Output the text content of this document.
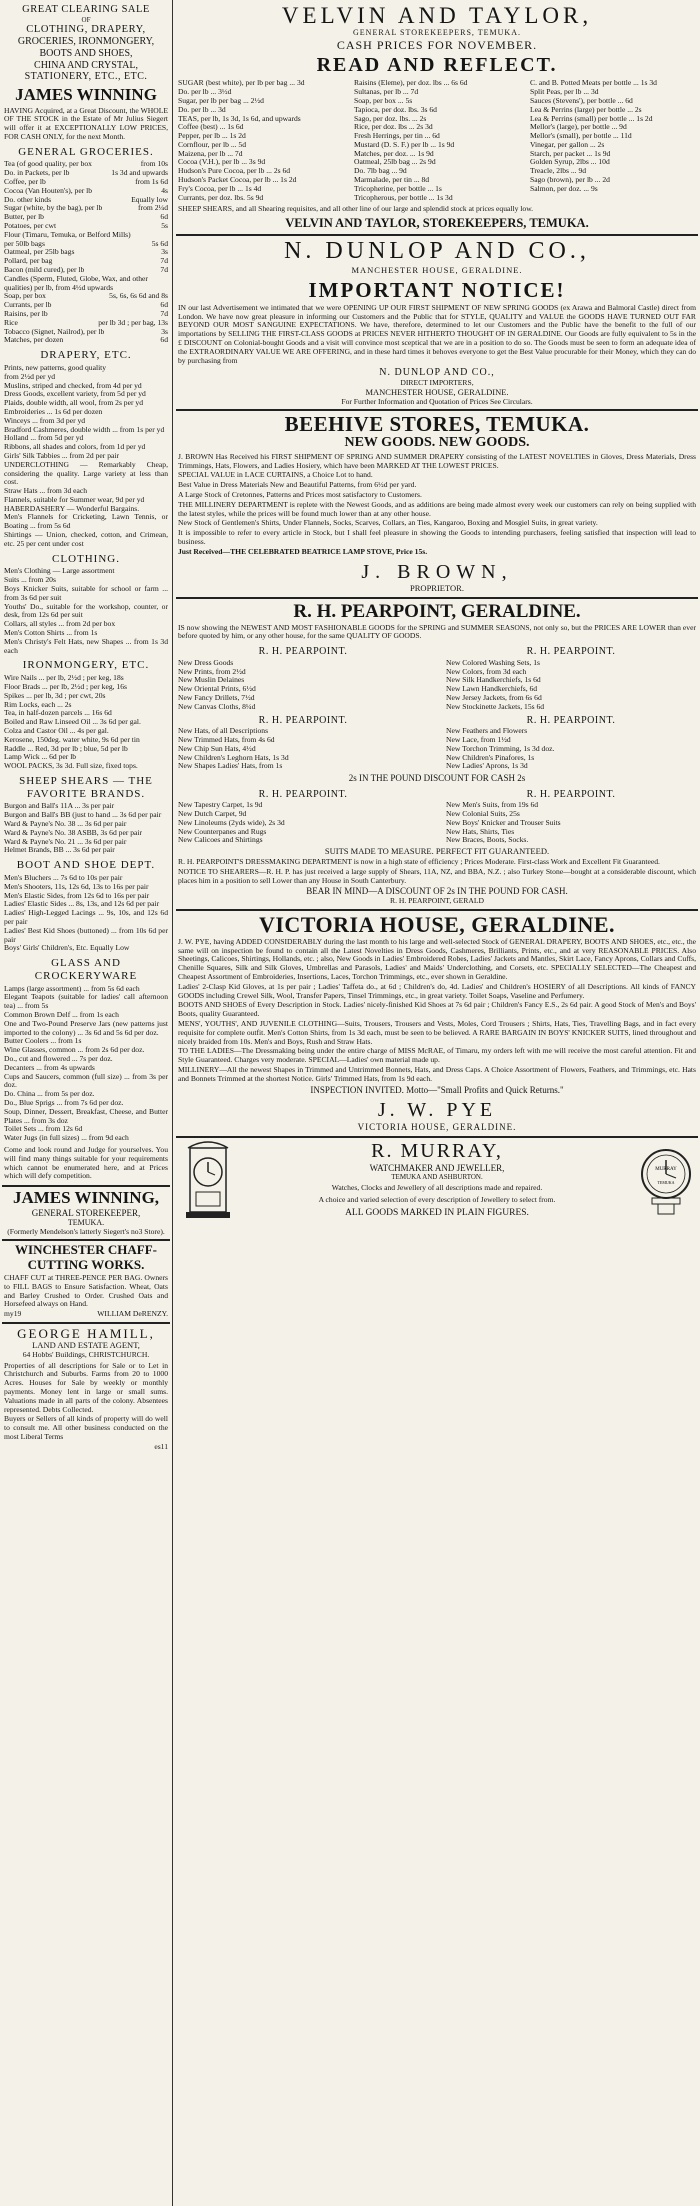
GREAT CLEARING SALE
OF
CLOTHING, DRAPERY,
GROCERIES, IRONMONGERY,
BOOTS AND SHOES,
CHINA AND CRYSTAL,
STATIONERY, ETC., ETC.
JAMES WINNING
HAVING Acquired, at a Great Discount, the WHOLE OF THE STOCK in the Estate of Mr Julius Siegert will offer it at EXCEPTIONALLY LOW PRICES, FOR CASH ONLY, for the next Month.
GENERAL GROCERIES.
Tea (of good quality, per box	from 10s
Do. in Packets, per lb	1s 3d and upwards
Coffee, per lb	from 1s 6d
Cocoa (Van Houten's), per lb	4s
Do. other kinds	Equally low
Sugar (white, by the bag), per lb	from 2¼d
Butter, per lb	6d
Potatoes, per cwt	5s
Flour (Timaru, Temuka, or Belford Mills)
per 50lb bags	5s 6d
Oatmeal, per 25lb bags	3s
Pollard, per bag	7d
Bacon (mild cured), per lb	7d
Candles (Sperm, Fluted, Globe, Wax, and other qualities) per lb, from 4½d upwards
Soap, per box	5s, 6s, 6s 6d and 8s
Currants, per lb	6d
Raisins, per lb	7d
Rice	per lb 3d ; per bag, 13s
Tobacco (Signet, Nailrod), per lb	3s
Matches, per dozen	6d
DRAPERY, ETC.
Prints, new patterns, good quality
from 2½d per yd
Muslins, striped and checked, from 4d per yd
Dress Goods, excellent variety, from 5d per yd
Plaids, double width, all wool, from 2s per yd
Embroideries ... 1s 6d per dozen
Winceys ... from 3d per yd
Bradford Cashmeres, double width ... from 1s per yd
Holland ... from 5d per yd
Ribbons, all shades and colors, from 1d per yd
Girls' Silk Tabbies ... from 2d per pair
UNDERCLOTHING — Remarkably Cheap, considering the quality. Large variety at less than cost.
Straw Hats ... from 3d each
Flannels, suitable for Summer wear, 9d per yd
HABERDASHERY — Wonderful Bargains.
Men's Flannels for Cricketing, Lawn Tennis, or Boating ... from 5s 6d
Shirtings — Union, checked, cotton, and Crimean, etc. 25 per cent under cost
CLOTHING.
Men's Clothing — Large assortment
Suits ... from 20s
Boys Knicker Suits, suitable for school or farm ... from 3s 6d per suit
Youths' Do., suitable for the workshop, counter, or desk, from 12s 6d per suit
Collars, all styles ... from 2d per box
Men's Cotton Shirts ... from 1s
Men's Christy's Felt Hats, new Shapes ... from 1s 3d each
IRONMONGERY, ETC.
Wire Nails ... per lb, 2½d ; per keg, 18s
Floor Brads ... per lb, 2½d ; per keg, 16s
Spikes ... per lb, 3d ; per cwt, 20s
Rim Locks, each ... 2s
Tea, in half-dozen parcels ... 16s 6d
Boiled and Raw Linseed Oil ... 3s 6d per gal.
Colza and Castor Oil ... 4s per gal.
Kerosene, 150deg. water white, 9s 6d per tin
Raddle ... Red, 3d per lb ; blue, 5d per lb
Lamp Wick ... 6d per lb
WOOL PACKS, 3s 3d. Full size, fixed tops.
SHEEP SHEARS — THE FAVORITE BRANDS.
Burgon and Ball's 11A ... 3s per pair
Burgon and Ball's BB (just to hand ... 3s 6d per pair
Ward & Payne's No. 38 ... 3s 6d per pair
Ward & Payne's No. 38 ASBB, 3s 6d per pair
Ward & Payne's No. 21 ... 3s 6d per pair
Helmet Brands, BB ... 3s 6d per pair
BOOT AND SHOE DEPT.
Men's Bluchers ... 7s 6d to 10s per pair
Men's Shooters, 11s, 12s 6d, 13s to 16s per pair
Men's Elastic Sides, from 12s 6d to 16s per pair
Ladies' Elastic Sides ... 8s, 13s, and 12s 6d per pair
Ladies' High-Legged Lacings ... 9s, 10s, and 12s 6d per pair
Ladies' Best Kid Shoes (buttoned) ... from 10s 6d per pair
Boys' Girls' Children's, Etc. Equally Low
GLASS AND CROCKERYWARE
Lamps (large assortment) ... from 5s 6d each
Elegant Teapots (suitable for ladies' call afternoon tea) ... from 5s
Common Brown Delf ... from 1s each
One and Two-Pound Preserve Jars (new patterns just imported to the colony) ... 3s 6d and 5s 6d per doz.
Butter Coolers ... from 1s
Wine Glasses, common ... from 2s 6d per doz.
Do., cut and flowered ... 7s per doz.
Decanters ... from 4s upwards
Cups and Saucers, common (full size) ... from 3s per doz.
Do. China ... from 5s per doz.
Do., Blue Sprigs ... from 7s 6d per doz.
Soup, Dinner, Dessert, Breakfast, Cheese, and Butter Plates ... from 3s doz
Toilet Sets ... from 12s 6d
Water Jugs (in full sizes) ... from 9d each
Come and look round and Judge for yourselves. You will find many things suitable for your requirements which cannot be enumerated here, and at Prices which will defy competition.
JAMES WINNING,
GENERAL STOREKEEPER,
TEMUKA.
(Formerly Mendelson's latterly Siegert's no3 Store).
WINCHESTER CHAFF-CUTTING WORKS.
CHAFF CUT at THREE-PENCE PER BAG. Owners to FILL BAGS to Ensure Satisfaction. Wheat, Oats and Barley Crushed to Order. Crushed Oats and Horsefeed always on Hand.
my19	WILLIAM DeRENZY.
GEORGE HAMILL,
LAND AND ESTATE AGENT,
64 Hobbs' Buildings, CHRISTCHURCH.
Properties of all descriptions for Sale or to Let in Christchurch and Suburbs. Farms from 20 to 1000 Acres. Houses for Sale by weekly or monthly payments. Money lent in large or small sums. Valuations made in all parts of the colony. Absentees represented. Debts Collected.
Buyers or Sellers of all kinds of property will do well to consult me. All other business conducted on the most Liberal Terms
es11
VELVIN AND TAYLOR,
GENERAL STOREKEEPERS, TEMUKA.
CASH PRICES FOR NOVEMBER.
READ AND REFLECT.
SUGAR (best white), per lb per bag ... 3d
Do. per lb ... 3½d
Sugar, per lb per bag ... 2½d
Do. per lb ... 3d
TEAS, per lb, 1s 3d, 1s 6d, and upwards
Coffee (best) ... 1s 6d
Pepper, per lb ... 1s 2d
Cornflour, per lb ... 5d
Maizena, per lb ... 7d
Cocoa (V.H.), per lb ... 3s 9d
Hudson's Pure Cocoa, per lb ... 2s 6d
Hudson's Packet Cocoa, per lb ... 1s 2d
Fry's Cocoa, per lb ... 1s 4d
Currants, per doz. lbs. 5s 9d
Raisins (Eleme), per doz. lbs ... 6s 6d
Sultanas, per lb ... 7d
Soap, per box ... 5s
Tapioca, per doz. lbs. 3s 6d
Sago, per doz. lbs. ... 2s
Rice, per doz. lbs ... 2s 3d
Fresh Herrings, per tin ... 6d
Mustard (D. S. F.) per lb ... 1s 9d
Matches, per doz. ... 1s 9d
Oatmeal, 25lb bag ... 2s 9d
Do. 7lb bag ... 9d
Marmalade, per tin ... 8d
Tricopherine, per bottle ... 1s
Tricopherous, per bottle ... 1s 3d
C. and B. Potted Meats per bottle ... 1s 3d
Split Peas, per lb ... 3d
Sauces (Stevens'), per bottle ... 6d
Lea & Perrins (large) per bottle ... 2s
Lea & Perrins (small) per bottle ... 1s 2d
Mellor's (large), per bottle ... 9d
Mellor's (small), per bottle ... 11d
Vinegar, per gallon ... 2s
Starch, per packet ... 1s 9d
Golden Syrup, 2lbs ... 10d
Treacle, 2lbs ... 9d
Sago (brown), per lb ... 2d
Salmon, per doz. ... 9s
SHEEP SHEARS, and all Shearing requisites, and all other line of our large and splendid stock at prices equally low.
VELVIN AND TAYLOR, STOREKEEPERS, TEMUKA.
N. DUNLOP AND CO.,
MANCHESTER HOUSE, GERALDINE.
IMPORTANT NOTICE!
IN our last Advertisement we intimated that we were OPENING UP OUR FIRST SHIPMENT OF NEW SPRING GOODS (ex Arawa and Balmoral Castle) direct from London. We have now great pleasure in informing our Customers and the Public that for STYLE, QUALITY and VALUE the GOODS HAVE TURNED OUT FAR BEYOND OUR MOST SANGUINE EXPECTATIONS. We have, therefore, determined to let our Customers and the Public have the benefit to the full of our importations by SELLING THE FIRST-CLASS GOODS at PRICES NEVER HITHERTO THOUGHT OF IN GERALDINE. Our Goods are fully equivalent to 5s in the £ DISCOUNT on Colonial-bought Goods and a visit will convince most sceptical that we are in a position to do so. The Goods must be seen to form an adequate idea of the EXTRAORDINARY VALUE WE ARE OFFERING, and in these hard times it behoves everyone to get the Best Value procurable for their Money, which they can do by purchasing from
N. DUNLOP AND CO.,
DIRECT IMPORTERS,
MANCHESTER HOUSE, GERALDINE.
For Further Information and Quotation of Prices See Circulars.
BEEHIVE STORES, TEMUKA.
NEW GOODS. NEW GOODS.
J. BROWN Has Received his FIRST SHIPMENT OF SPRING AND SUMMER DRAPERY consisting of the LATEST NOVELTIES in Gloves, Dress Materials, Dress Trimmings, Hats, Flowers, and Ladies Hosiery, which have been MARKED AT THE LOWEST PRICES.
SPECIAL VALUE in LACE CURTAINS, a Choice Lot to hand.
Best Value in Dress Materials New and Beautiful Patterns, from 6½d per yard.
A Large Stock of Cretonnes, Patterns and Prices most satisfactory to Customers.
THE MILLINERY DEPARTMENT is replete with the Newest Goods, and as additions are being made almost every week our customers can rely on being supplied with the latest styles, while the prices will be found much lower than at any other house.
New Stock of Gentlemen's Shirts, Under Flannels, Socks, Scarves, Collars, an Ties, Kangaroo, Boxing and Mosgiel Suits, in great variety.
It is impossible to refer to every article in Stock, but I shall feel pleasure in showing the Goods to intending purchasers, feeling satisfied that inspection will lead to business.
Just Received—THE CELEBRATED BEATRICE LAMP STOVE, Price 15s.
J. BROWN,
PROPRIETOR.
R. H. PEARPOINT, GERALDINE.
IS now showing the NEWEST AND MOST FASHIONABLE GOODS for the SPRING and SUMMER SEASONS, not only so, but the PRICES ARE LOWER than ever before quoted by him, or any other house, for the same QUALITY OF GOODS.
R. H. PEARPOINT.
New Dress Goods
New Prints, from 2½d
New Muslin Delaines
New Oriental Prints, 6½d
New Fancy Drillets, 7½d
New Canvas Cloths, 8¼d
R. H. PEARPOINT.
New Colored Washing Sets, 1s
New Colors, from 3d each
New Silk Handkerchiefs, 1s 6d
New Lawn Handkerchiefs, 6d
New Jersey Jackets, from 6s 6d
New Stockinette Jackets, 15s 6d
R. H. PEARPOINT.
New Hats, of all Descriptions
New Trimmed Hats, from 4s 6d
New Chip Sun Hats, 4½d
New Children's Leghorn Hats, 1s 3d
New Shapes Ladies' Hats, from 1s
R. H. PEARPOINT.
New Feathers and Flowers
New Lace, from 1½d
New Torchon Trimming, 1s 3d doz.
New Children's Pinafores, 1s
New Ladies' Aprons, 1s 3d
2s IN THE POUND DISCOUNT FOR CASH 2s
R. H. PEARPOINT.
New Tapestry Carpet, 1s 9d
New Dutch Carpet, 9d
New Linoleums (2yds wide), 2s 3d
New Counterpanes and Rugs
New Calicoes and Shirtings
R. H. PEARPOINT.
New Men's Suits, from 19s 6d
New Colonial Suits, 25s
New Boys' Knicker and Trouser Suits
New Hats, Shirts, Ties
New Braces, Boots, Socks.
SUITS MADE TO MEASURE. PERFECT FIT GUARANTEED.
R. H. PEARPOINT'S DRESSMAKING DEPARTMENT is now in a high state of efficiency ; Prices Moderate. First-class Work and Excellent Fit Guaranteed.
NOTICE TO SHEARERS—R. H. P. has just received a large supply of Shears, 11A, NZ, and BBA, N.Z. ; also Turkey Stone—bought at a considerable discount, which places him in a position to sell Lower than any House in South Canterbury.
BEAR IN MIND—A DISCOUNT OF 2s IN THE POUND FOR CASH.
R. H. PEARPOINT, GERALD
VICTORIA HOUSE, GERALDINE.
J. W. PYE, having ADDED CONSIDERABLY during the last month to his large and well-selected Stock of GENERAL DRAPERY, BOOTS AND SHOES, etc., etc., the same will on inspection be found to contain all the Latest Novelties in Dress Goods, Cashmeres, Brilliants, Prints, etc., and at very REASONABLE PRICES. Also Sheetings, Calicoes, Shirtings, Hollands, etc. ; also, New Goods in Ladies' Embroidered Robes, Ladies' Jackets and Mantles, Skirt Lace, Fancy Aprons, Collars and Cuffs, Chenille Squares, Silk and Silk Gloves, Umbrellas and Parasols, Ladies' and Maids' Underclothing, and Corsets, etc. SPECIALLY SELECTED—The Cheapest and Cheapest Assortment of Embroideries, Insertions, Laces, Torchon Trimmings, etc., ever shown in Geraldine.
Ladies' 2-Clasp Kid Gloves, at 1s per pair ; Ladies' Taffeta do., at 6d ; Children's do, 4d. Ladies' and Children's HOSIERY of all Descriptions. All kinds of FANCY GOODS including Crewel Silk, Wool, Transfer Papers, Tinsel Trimmings, etc., in great variety. Toilet Soaps, Vaseline and Perfumery.
BOOTS AND SHOES of Every Description in Stock. Ladies' nicely-finished Kid Shoes at 7s 6d pair ; Children's Fancy E.S., 2s 6d pair. A good Stock of Men's and Boys' Boots, quality Guaranteed.
MENS', YOUTHS', AND JUVENILE CLOTHING—Suits, Trousers, Trousers and Vests, Moles, Cord Trousers ; Shirts, Hats, Ties, Travelling Bags, and in fact every requisite for complete outfit. Men's Cotton Shirts, from 1s 3d each, must be seen to be believed. A RARE BARGAIN IN BOYS' KNICKER SUITS, lined throughout and nicely braided from 10s. Men's and Boys, Rush and Straw Hats.
TO THE LADIES—The Dressmaking being under the entire charge of MISS McRAE, of Timaru, my orders left with me will receive the most careful attention. Fit and Style Guaranteed. Charges very moderate. SPECIAL—Ladies' own material made up.
MILLINERY—All the newest Shapes in Trimmed and Untrimmed Bonnets, Hats, and Dress Caps. A Choice Assortment of Flowers, Feathers, and Trimmings, etc. Hats and Bonnets Trimmed at the shortest Notice. Girls' Trimmed Hats, from 1s 9d each.
INSPECTION INVITED. Motto—"Small Profits and Quick Returns."
J. W. PYE
VICTORIA HOUSE, GERALDINE.
R. MURRAY,
WATCHMAKER AND JEWELLER,
TEMUKA AND ASHBURTON.
Watches, Clocks and Jewellery of all descriptions made and repaired.
A choice and varied selection of every description of Jewellery to select from.
ALL GOODS MARKED IN PLAIN FIGURES.
MURRAY
TEMUKA
